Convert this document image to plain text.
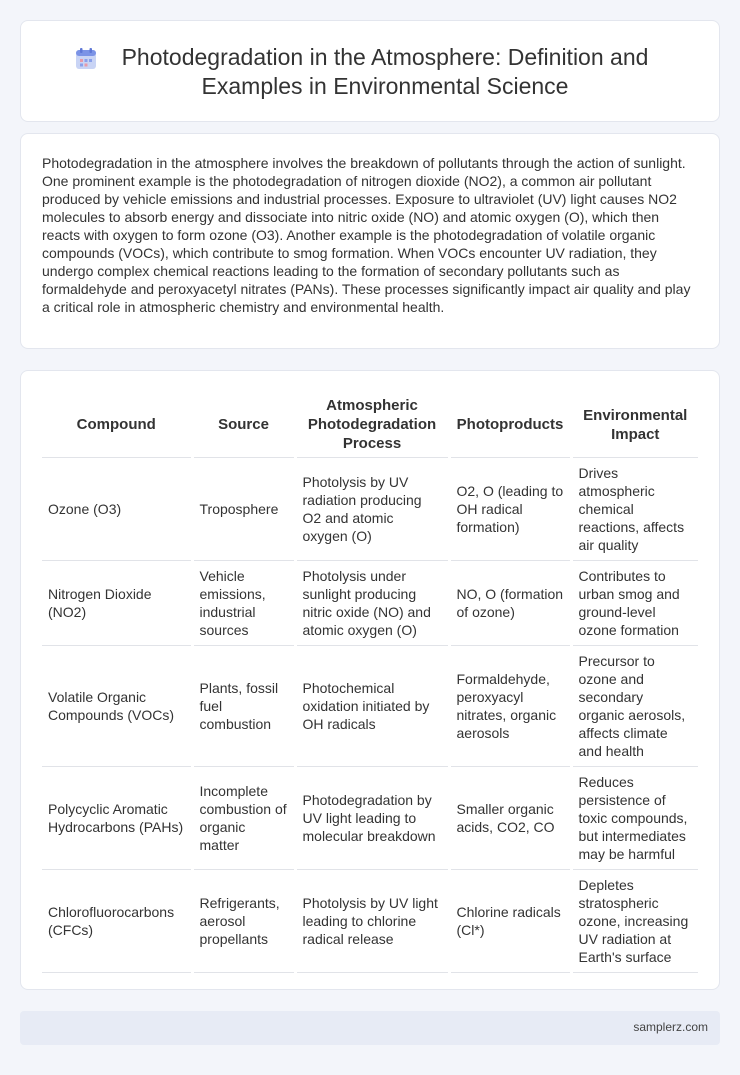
Photodegradation in the Atmosphere: Definition and Examples in Environmental Science

Photodegradation in the atmosphere involves the breakdown of pollutants through the action of sunlight. One prominent example is the photodegradation of nitrogen dioxide (NO2), a common air pollutant produced by vehicle emissions and industrial processes. Exposure to ultraviolet (UV) light causes NO2 molecules to absorb energy and dissociate into nitric oxide (NO) and atomic oxygen (O), which then reacts with oxygen to form ozone (O3). Another example is the photodegradation of volatile organic compounds (VOCs), which contribute to smog formation. When VOCs encounter UV radiation, they undergo complex chemical reactions leading to the formation of secondary pollutants such as formaldehyde and peroxyacetyl nitrates (PANs). These processes significantly impact air quality and play a critical role in atmospheric chemistry and environmental health.

Compound	Source	Atmospheric Photodegradation Process	Photoproducts	Environmental Impact
Ozone (O3)	Troposphere	Photolysis by UV radiation producing O2 and atomic oxygen (O)	O2, O (leading to OH radical formation)	Drives atmospheric chemical reactions, affects air quality
Nitrogen Dioxide (NO2)	Vehicle emissions, industrial sources	Photolysis under sunlight producing nitric oxide (NO) and atomic oxygen (O)	NO, O (formation of ozone)	Contributes to urban smog and ground-level ozone formation
Volatile Organic Compounds (VOCs)	Plants, fossil fuel combustion	Photochemical oxidation initiated by OH radicals	Formaldehyde, peroxyacyl nitrates, organic aerosols	Precursor to ozone and secondary organic aerosols, affects climate and health
Polycyclic Aromatic Hydrocarbons (PAHs)	Incomplete combustion of organic matter	Photodegradation by UV light leading to molecular breakdown	Smaller organic acids, CO2, CO	Reduces persistence of toxic compounds, but intermediates may be harmful
Chlorofluorocarbons (CFCs)	Refrigerants, aerosol propellants	Photolysis by UV light leading to chlorine radical release	Chlorine radicals (Cl*)	Depletes stratospheric ozone, increasing UV radiation at Earth's surface
samplerz.com
